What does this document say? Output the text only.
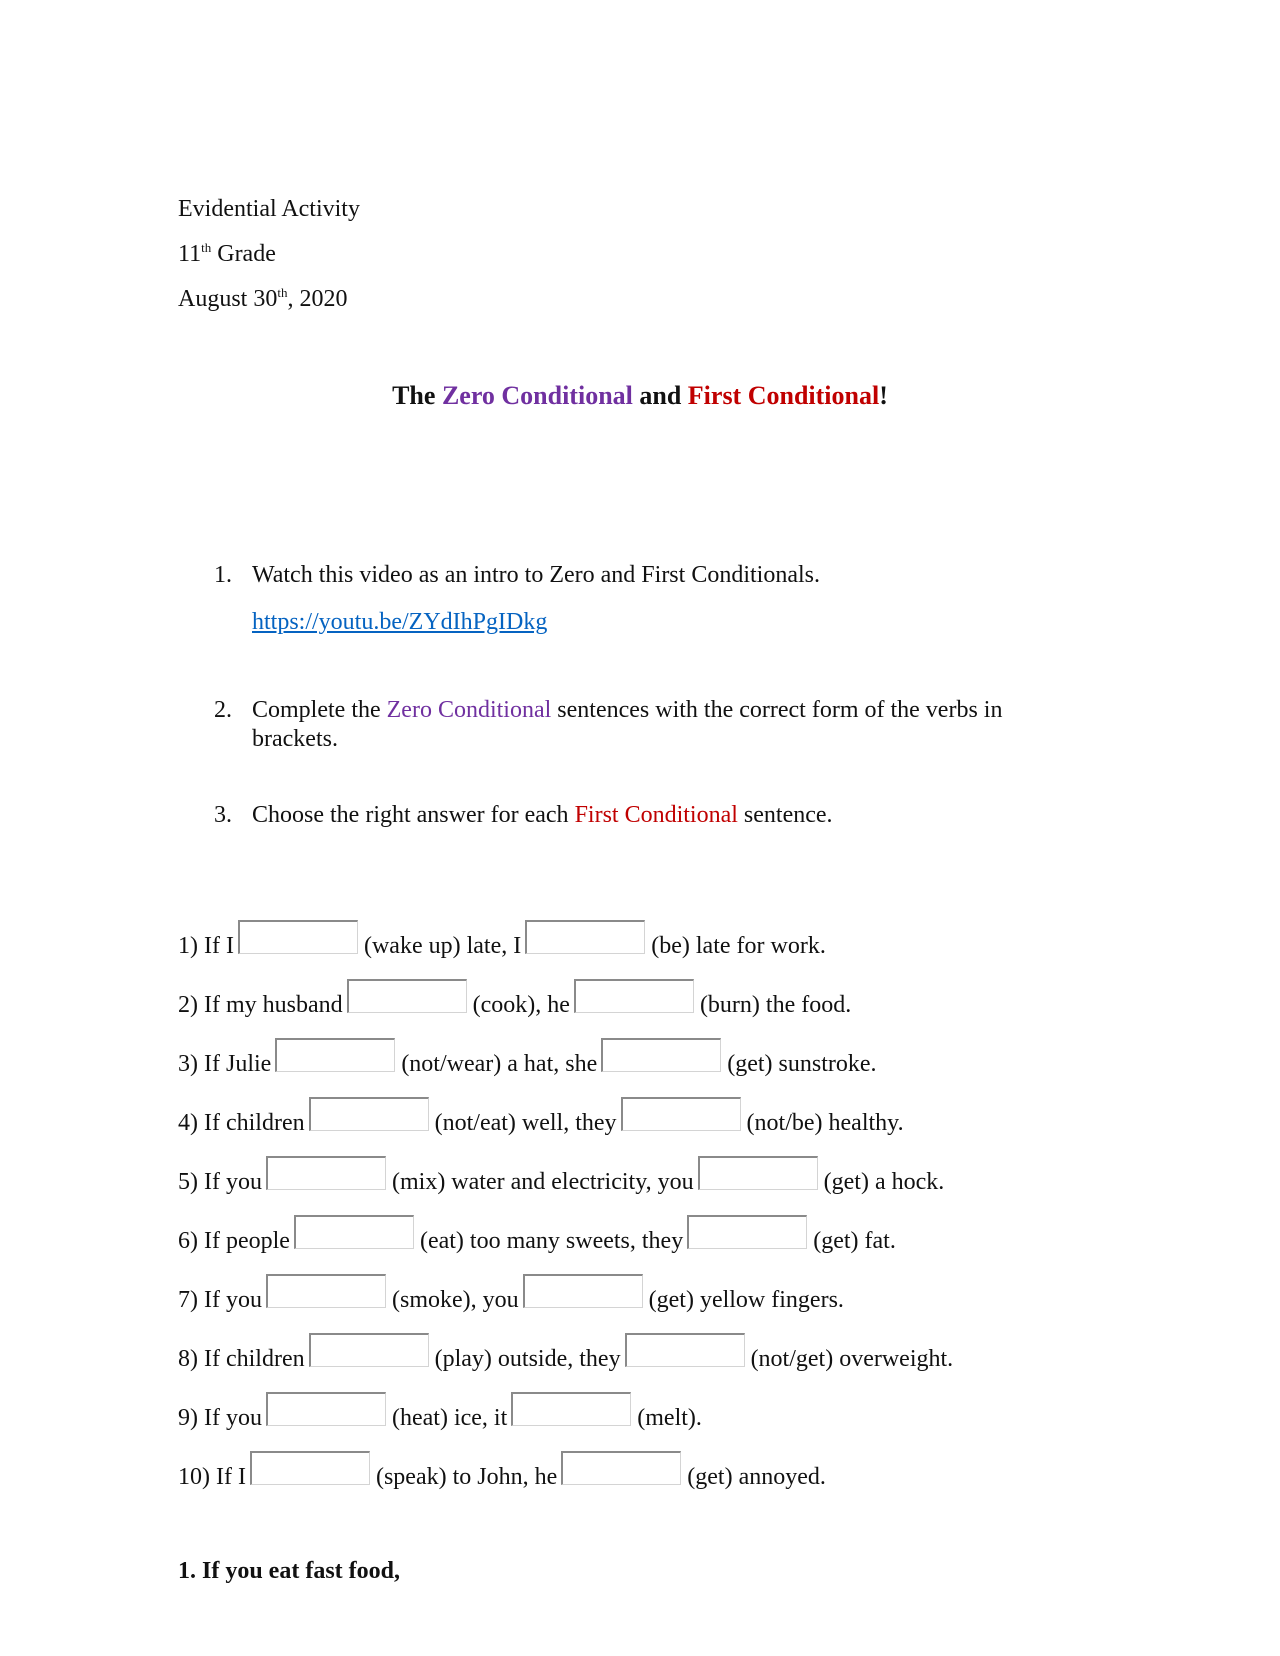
Evidential Activity
11th Grade
August 30th, 2020
The Zero Conditional and First Conditional!
1. Watch this video as an intro to Zero and First Conditionals.
https://youtu.be/ZYdIhPgIDkg
2. Complete the Zero Conditional sentences with the correct form of the verbs in brackets.
3. Choose the right answer for each First Conditional sentence.
1) If I	(wake up) late, I	(be) late for work.
2) If my husband	(cook), he	(burn) the food.
3) If Julie	(not/wear) a hat, she	(get) sunstroke.
4) If children	(not/eat) well, they	(not/be) healthy.
5) If you	(mix) water and electricity, you	(get) a hock.
6) If people	(eat) too many sweets, they	(get) fat.
7) If you	(smoke), you	(get) yellow fingers.
8) If children	(play) outside, they	(not/get) overweight.
9) If you	(heat) ice, it	(melt).
10) If I	(speak) to John, he	(get) annoyed.
1. If you eat fast food,
